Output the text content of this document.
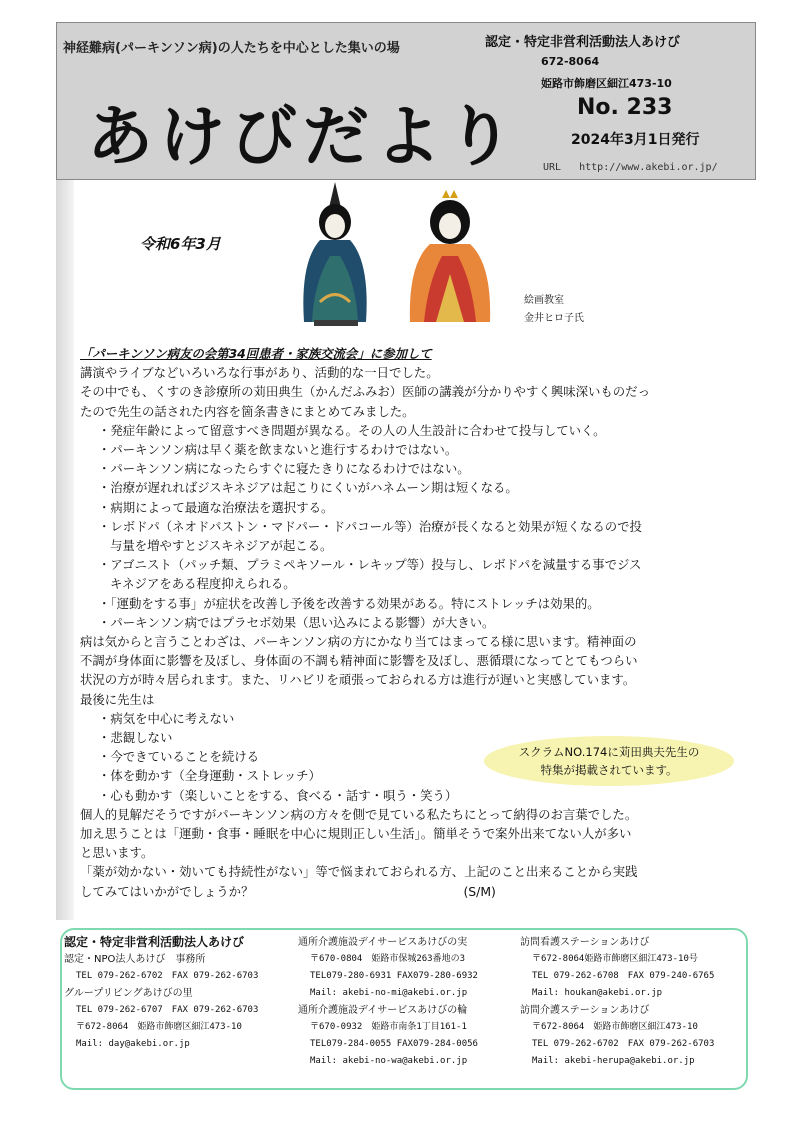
神経難病(パーキンソン病)の人たちを中心とした集いの場
あけびだより
認定・特定非営利活動法人あけび
672-8064
姫路市飾磨区細江473-10
No. 233
2024年3月1日発行
URL http://www.akebi.or.jp/
令和6年3月
絵画教室
金井ヒロ子氏

「パーキンソン病友の会第34回患者・家族交流会」に参加して

講演やライブなどいろいろな行事があり、活動的な一日でした。

その中でも、くすのき診療所の苅田典生（かんだふみお）医師の講義が分かりやすく興味深いものだっ

たので先生の話された内容を箇条書きにまとめてみました。

・発症年齢によって留意すべき問題が異なる。その人の人生設計に合わせて投与していく。

・パーキンソン病は早く薬を飲まないと進行するわけではない。

・パーキンソン病になったらすぐに寝たきりになるわけではない。

・治療が遅れればジスキネジアは起こりにくいがハネムーン期は短くなる。

・病期によって最適な治療法を選択する。

・レボドパ（ネオドパストン・マドパー・ドパコール等）治療が長くなると効果が短くなるので投

与量を増やすとジスキネジアが起こる。

・アゴニスト（パッチ類、プラミペキソール・レキップ等）投与し、レボドパを減量する事でジス

キネジアをある程度抑えられる。

・「運動をする事」が症状を改善し予後を改善する効果がある。特にストレッチは効果的。

・パーキンソン病ではプラセボ効果（思い込みによる影響）が大きい。

病は気からと言うことわざは、パーキンソン病の方にかなり当てはまってる様に思います。精神面の

不調が身体面に影響を及ぼし、身体面の不調も精神面に影響を及ぼし、悪循環になってとてもつらい

状況の方が時々居られます。また、リハビリを頑張っておられる方は進行が遅いと実感しています。

最後に先生は

・病気を中心に考えない

・悲観しない

・今できていることを続ける

・体を動かす（全身運動・ストレッチ）

・心も動かす（楽しいことをする、食べる・話す・唄う・笑う）

個人的見解だそうですがパーキンソン病の方々を側で見ている私たちにとって納得のお言葉でした。

加え思うことは「運動・食事・睡眠を中心に規則正しい生活」。簡単そうで案外出来てない人が多い

と思います。

「薬が効かない・効いても持続性がない」等で悩まれておられる方、上記のこと出来ることから実践

してみてはいかがでしょうか？	(S/M)

スクラムNO.174に苅田典夫先生の
特集が掲載されています。
認定・特定非営利活動法人あけび
認定・NPO法人あけび　事務所
TEL 079-262-6702　FAX 079-262-6703
グループリビングあけびの里
TEL 079-262-6707　FAX 079-262-6703
〒672-8064　姫路市飾磨区細江473-10
Mail: day@akebi.or.jp
通所介護施設デイサービスあけびの実
〒670-0804　姫路市保城263番地の3
TEL079-280-6931 FAX079-280-6932
Mail: akebi-no-mi@akebi.or.jp
通所介護施設デイサービスあけびの輪
〒670-0932　姫路市南条1丁目161-1
TEL079-284-0055 FAX079-284-0056
Mail: akebi-no-wa@akebi.or.jp
訪問看護ステーションあけび
〒672-8064姫路市飾磨区細江473-10号
TEL 079-262-6708　FAX 079-240-6765
Mail: houkan@akebi.or.jp
訪問介護ステーションあけび
〒672-8064　姫路市飾磨区細江473-10
TEL 079-262-6702　FAX 079-262-6703
Mail: akebi-herupa@akebi.or.jp
